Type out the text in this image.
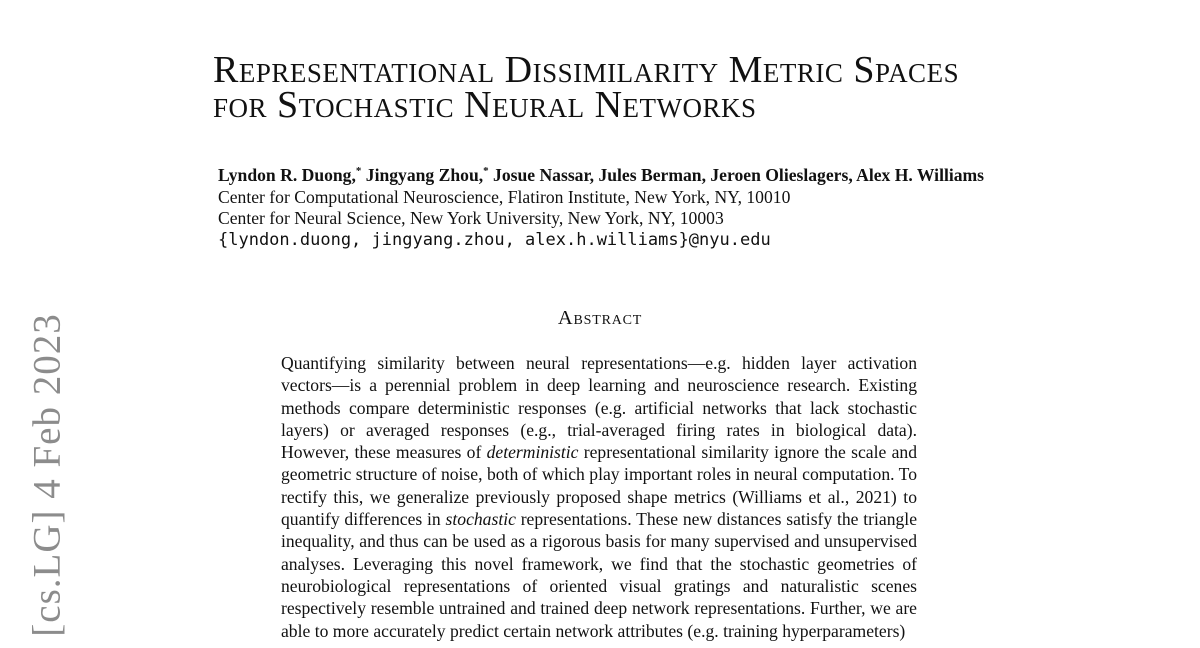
[cs.LG] 4 Feb 2023
Representational Dissimilarity Metric Spaces
for Stochastic Neural Networks
Lyndon R. Duong,* Jingyang Zhou,* Josue Nassar, Jules Berman, Jeroen Olieslagers, Alex H. Williams
Center for Computational Neuroscience, Flatiron Institute, New York, NY, 10010
Center for Neural Science, New York University, New York, NY, 10003
{lyndon.duong, jingyang.zhou, alex.h.williams}@nyu.edu
Abstract

Quantifying similarity between neural representations—e.g. hidden layer activation vectors—is a perennial problem in deep learning and neuroscience research. Existing methods compare deterministic responses (e.g. artificial networks that lack stochastic layers) or averaged responses (e.g., trial-averaged firing rates in biological data). However, these measures of deterministic representational similarity ignore the scale and geometric structure of noise, both of which play important roles in neural computation. To rectify this, we generalize previously proposed shape metrics (Williams et al., 2021) to quantify differences in stochastic representations. These new distances satisfy the triangle inequality, and thus can be used as a rigorous basis for many supervised and unsupervised analyses. Leveraging this novel framework, we find that the stochastic geometries of neurobiological representations of oriented visual gratings and naturalistic scenes respectively resemble untrained and trained deep network representations. Further, we are able to more accurately predict certain network attributes (e.g. training hyperparameters)
